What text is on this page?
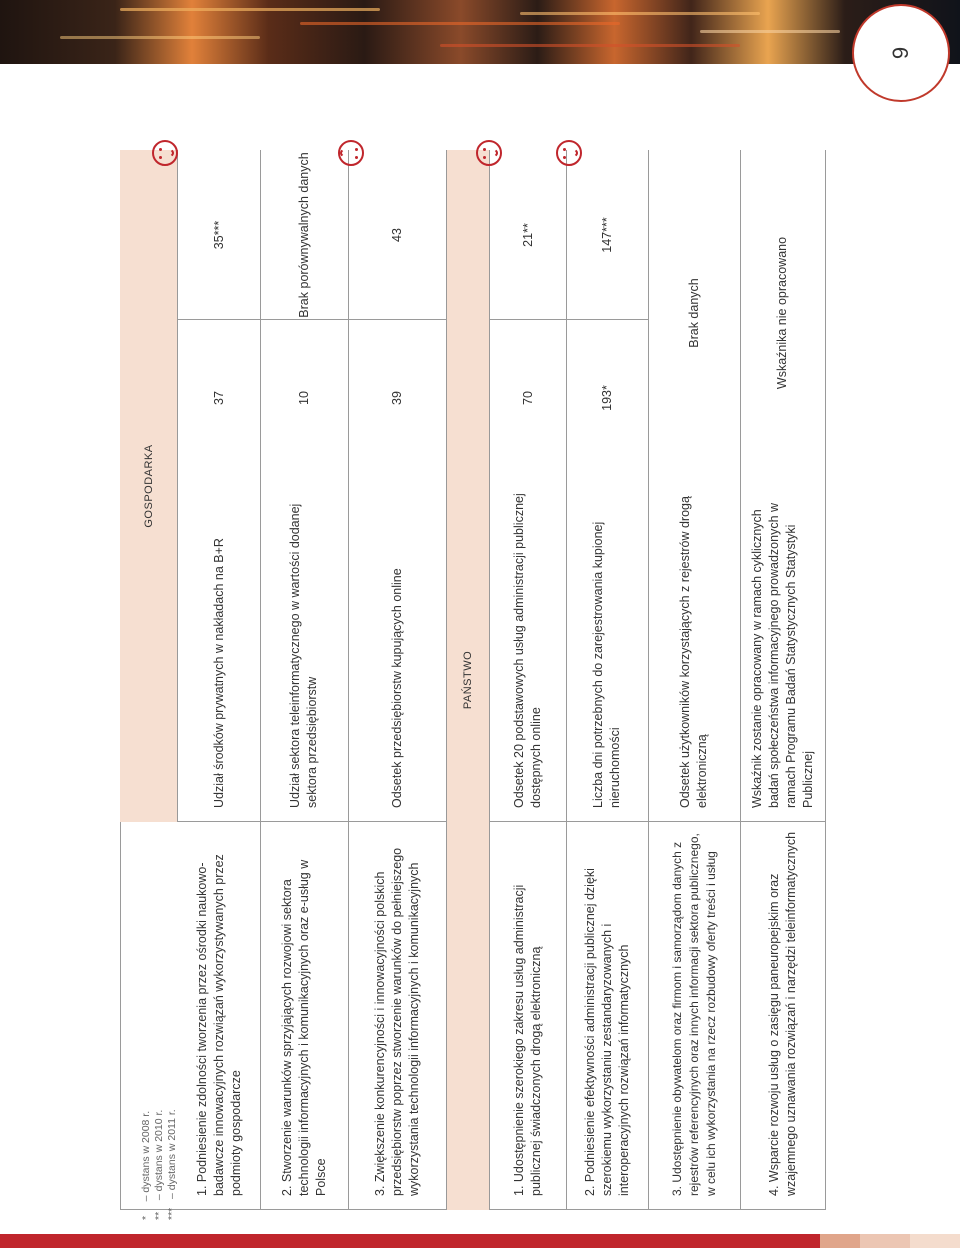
9
GOSPODARKA
1. Podniesienie zdolności tworzenia przez ośrodki naukowo-badawcze innowacyjnych rozwiązań wykorzystywanych przez podmioty gospodarcze
Udział środków prywatnych w nakładach na B+R
37
35***
2. Stworzenie warunków sprzyjających rozwojowi sektora technologii informacyjnych i komunikacyjnych oraz e-usług w Polsce
Udział sektora teleinformatycznego w wartości dodanej sektora przedsiębiorstw
10
Brak porównywalnych danych
3. Zwiększenie konkurencyjności i innowacyjności polskich przedsiębiorstw poprzez stworzenie warunków do pełniejszego wykorzystania technologii informacyjnych i komunikacyjnych
Odsetek przedsiębiorstw kupujących online
39
43
PAŃSTWO
1. Udostępnienie szerokiego zakresu usług administracji publicznej świadczonych drogą elektroniczną
Odsetek 20 podstawowych usług administracji publicznej dostępnych online
70
21**
2. Podniesienie efektywności administracji publicznej dzięki szerokiemu wykorzystaniu zestandaryzowanych i interoperacyjnych rozwiązań informatycznych
Liczba dni potrzebnych do zarejestrowania kupionej nieruchomości
193*
147***
3. Udostępnienie obywatelom oraz firmom i samorządom danych z rejestrów referencyjnych oraz innych informacji sektora publicznego, w celu ich wykorzystania na rzecz rozbudowy oferty treści i usług
Odsetek użytkowników korzystających z rejestrów drogą elektroniczną
Brak danych
4. Wsparcie rozwoju usług o zasięgu paneuropejskim oraz wzajemnego uznawania rozwiązań i narzędzi teleinformatycznych
Wskaźnik zostanie opracowany w ramach cyklicznych badań społeczeństwa informacyjnego prowadzonych w ramach Programu Badań Statystycznych Statystyki Publicznej
Wskaźnika nie opracowano
*     – dystans w 2008 r. **    – dystans w 2010 r. ***   – dystans w 2011 r.
